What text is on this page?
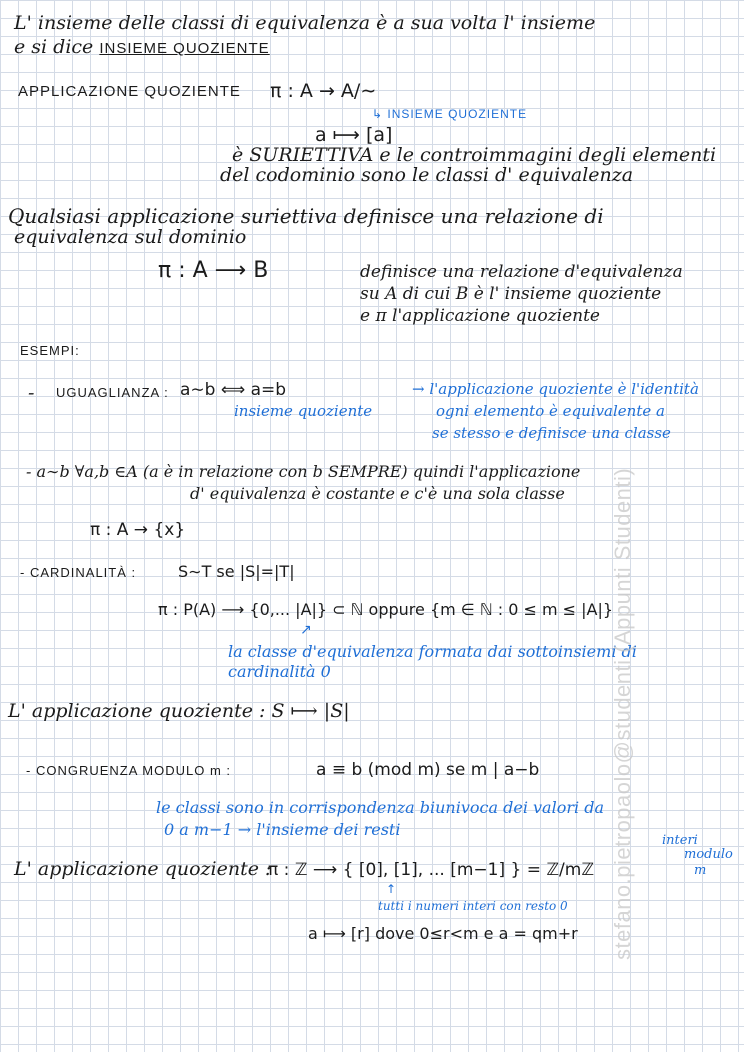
L' insieme delle classi di equivalenza è a sua volta l' insieme
e si dice INSIEME QUOZIENTE
APPLICAZIONE QUOZIENTE π : A → A/∼
↳ INSIEME QUOZIENTE
a ⟼ [a]
è SURIETTIVA e le controimmagini degli elementi
del codominio sono le classi d' equivalenza
Qualsiasi applicazione suriettiva definisce una relazione di
equivalenza sul dominio
π : A ⟶ B	definisce una relazione d'equivalenza
su A di cui B è l' insieme quoziente
e π l'applicazione quoziente
ESEMPI:
- UGUAGLIANZA : a∼b ⟺ a=b
insieme quoziente
→ l'applicazione quoziente è l'identità
ogni elemento è equivalente a
se stesso e definisce una classe
- a∼b ∀a,b ∈A (a è in relazione con b SEMPRE) quindi l'applicazione
d' equivalenza è costante e c'è una sola classe
π : A → {x}
- CARDINALITÀ :	S∼T se |S|=|T|
π : P(A) ⟶ {0,... |A|} ⊂ ℕ oppure {m ∈ ℕ : 0 ≤ m ≤ |A|}
↗
la classe d'equivalenza formata dai sottoinsiemi di
cardinalità 0
L' applicazione quoziente : S ⟼ |S|
- CONGRUENZA MODULO m :	a ≡ b (mod m) se m | a−b
le classi sono in corrispondenza biunivoca dei valori da
0 a m−1 → l'insieme dei resti
L' applicazione quoziente :
π : ℤ ⟶ { [0], [1], ... [m−1] } = ℤ/mℤ
interi
modulo
m
↑
tutti i numeri interi con resto 0
a ⟼ [r] dove 0≤r<m e a = qm+r stefano.pietropaolo@studenti (Appunti Studenti)
